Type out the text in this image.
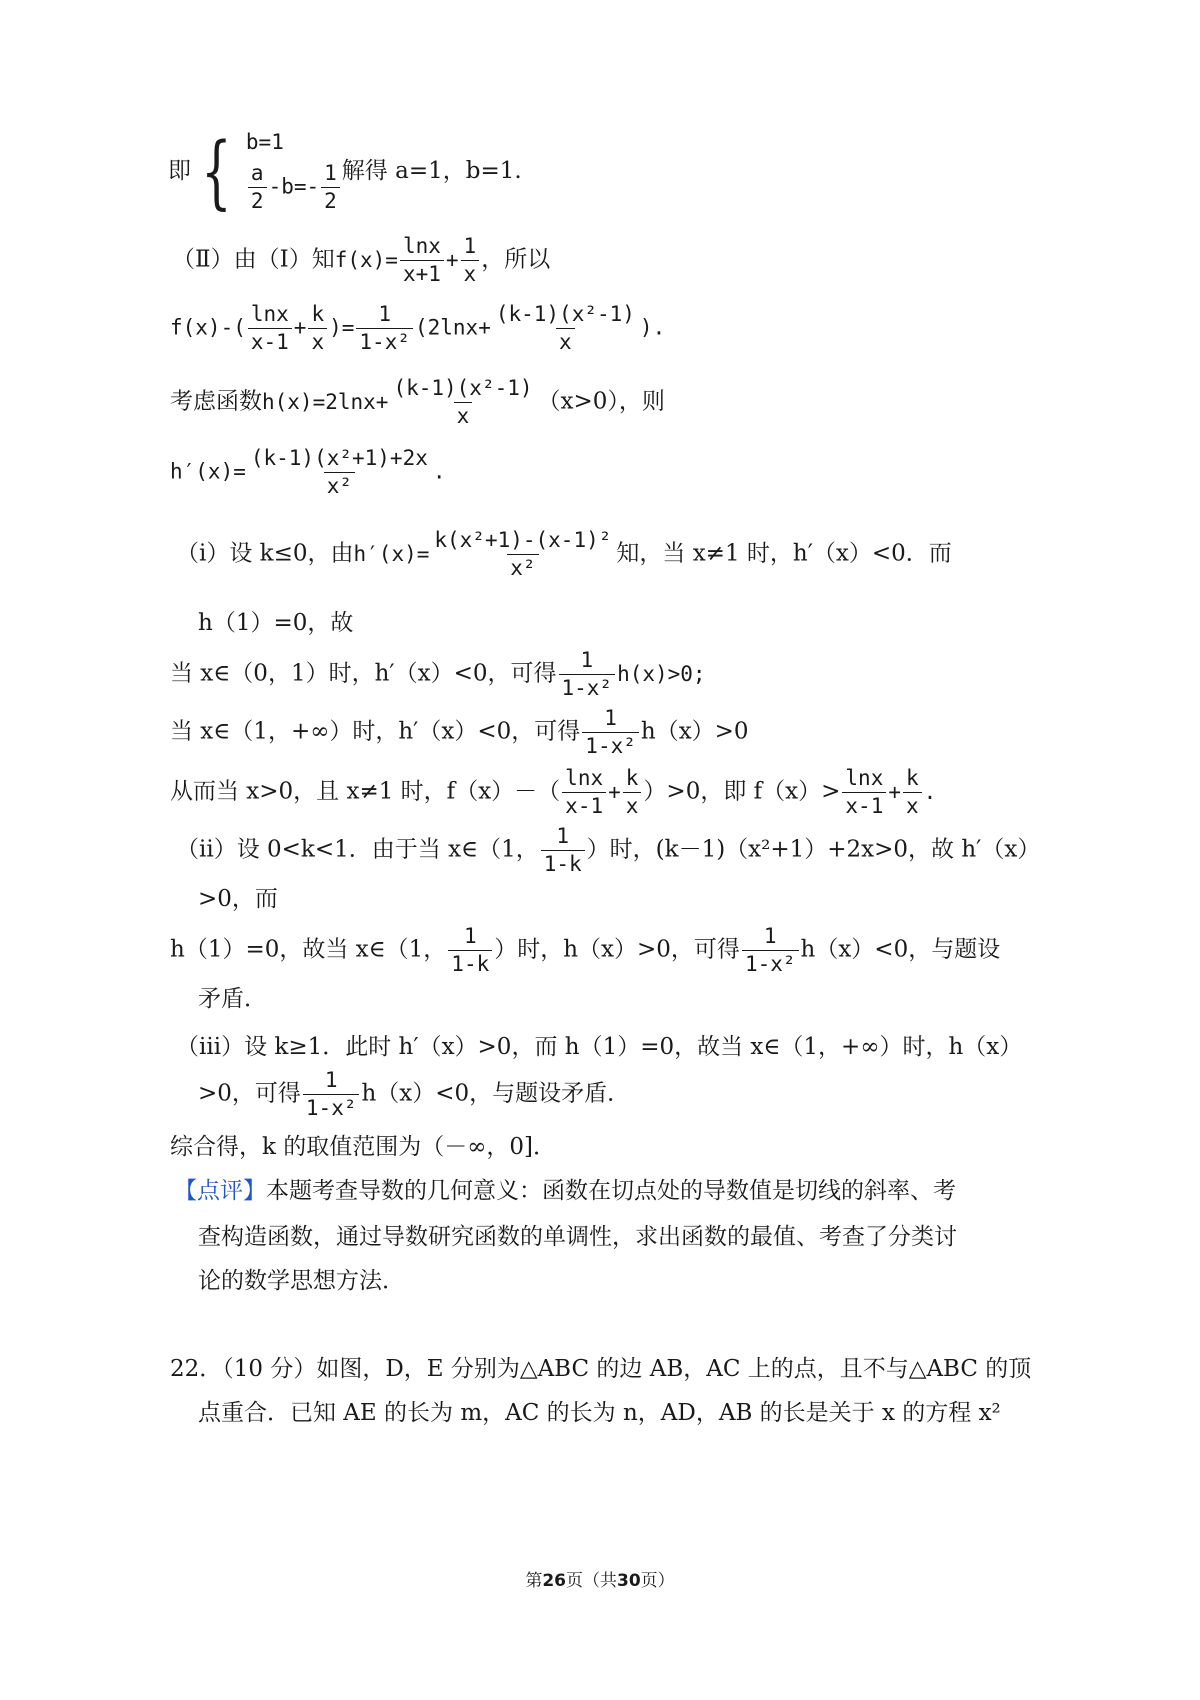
即 { b=1
$\frac{a}{2} -b=- \frac{1}{2}$ 解得 a=1，b=1.
（Ⅱ）由（Ⅰ）知$f(x)= \frac{\ln x}{x+1} + \frac{1}{x}$ ，所以
$f(x)-( \frac{\ln x}{x-1} + \frac{k}{x}$ )= $\frac{1}{\text{1-x²}} (2\ln x+ \frac{\text{(k-1)(x²-1)}}{x}$ ).
考虑函数$h(x)=2\ln x+ \frac{\text{(k-1)(x²-1)}}{x} (x>0)$，则
$h'(x)= \frac{\text{(k-1)(x²+1)+2x}}{\text{x²}}$ .
（i）设 k≤0，由$h'(x)= \frac{\text{k(x²+1)-(x-1)²}}{\text{x²}}$ 知，当 x≠1 时，h′（x）<0．而
h（1）=0，故
当 x∈（0，1）时，h′（x）<0，可得 $\frac{1}{\text{1-x²}} h(x)>0$;
当 x∈（1，+∞）时，h′（x）<0，可得 $\frac{1}{\text{1-x²}} h(x)>0$
从而当 x>0，且 x≠1 时，$f(x)-( \frac{\ln x}{x-1} + \frac{k}{x} )>0$，即 $f(x)> \frac{\ln x}{x-1} + \frac{k}{x}$ .
（ii）设 0<k<1．由于当 x∈（1， $\frac{1}{1-k}$ ）时，(k－1)（x²+1）+2x>0，故 h′（x）
>0，而
h（1）=0，故当 x∈（1， $\frac{1}{1-k}$ ）时，h（x）>0，可得 $\frac{1}{\text{1-x²}} h(x)<0$，与题设
矛盾．
（iii）设 k≥1．此时 h′（x）>0，而 h（1）=0，故当 x∈（1，+∞）时，h（x）
>0，可得 $\frac{1}{\text{1-x²}} h(x)<0$，与题设矛盾．
综合得，k 的取值范围为（－∞，0]．
【点评】本题考查导数的几何意义：函数在切点处的导数值是切线的斜率、考
查构造函数，通过导数研究函数的单调性，求出函数的最值、考查了分类讨
论的数学思想方法．
22．（10 分）如图，D，E 分别为△ABC 的边 AB，AC 上的点，且不与△ABC 的顶
点重合．已知 AE 的长为 m，AC 的长为 n，AD，AB 的长是关于 x 的方程 x²
第26页（共30页）
